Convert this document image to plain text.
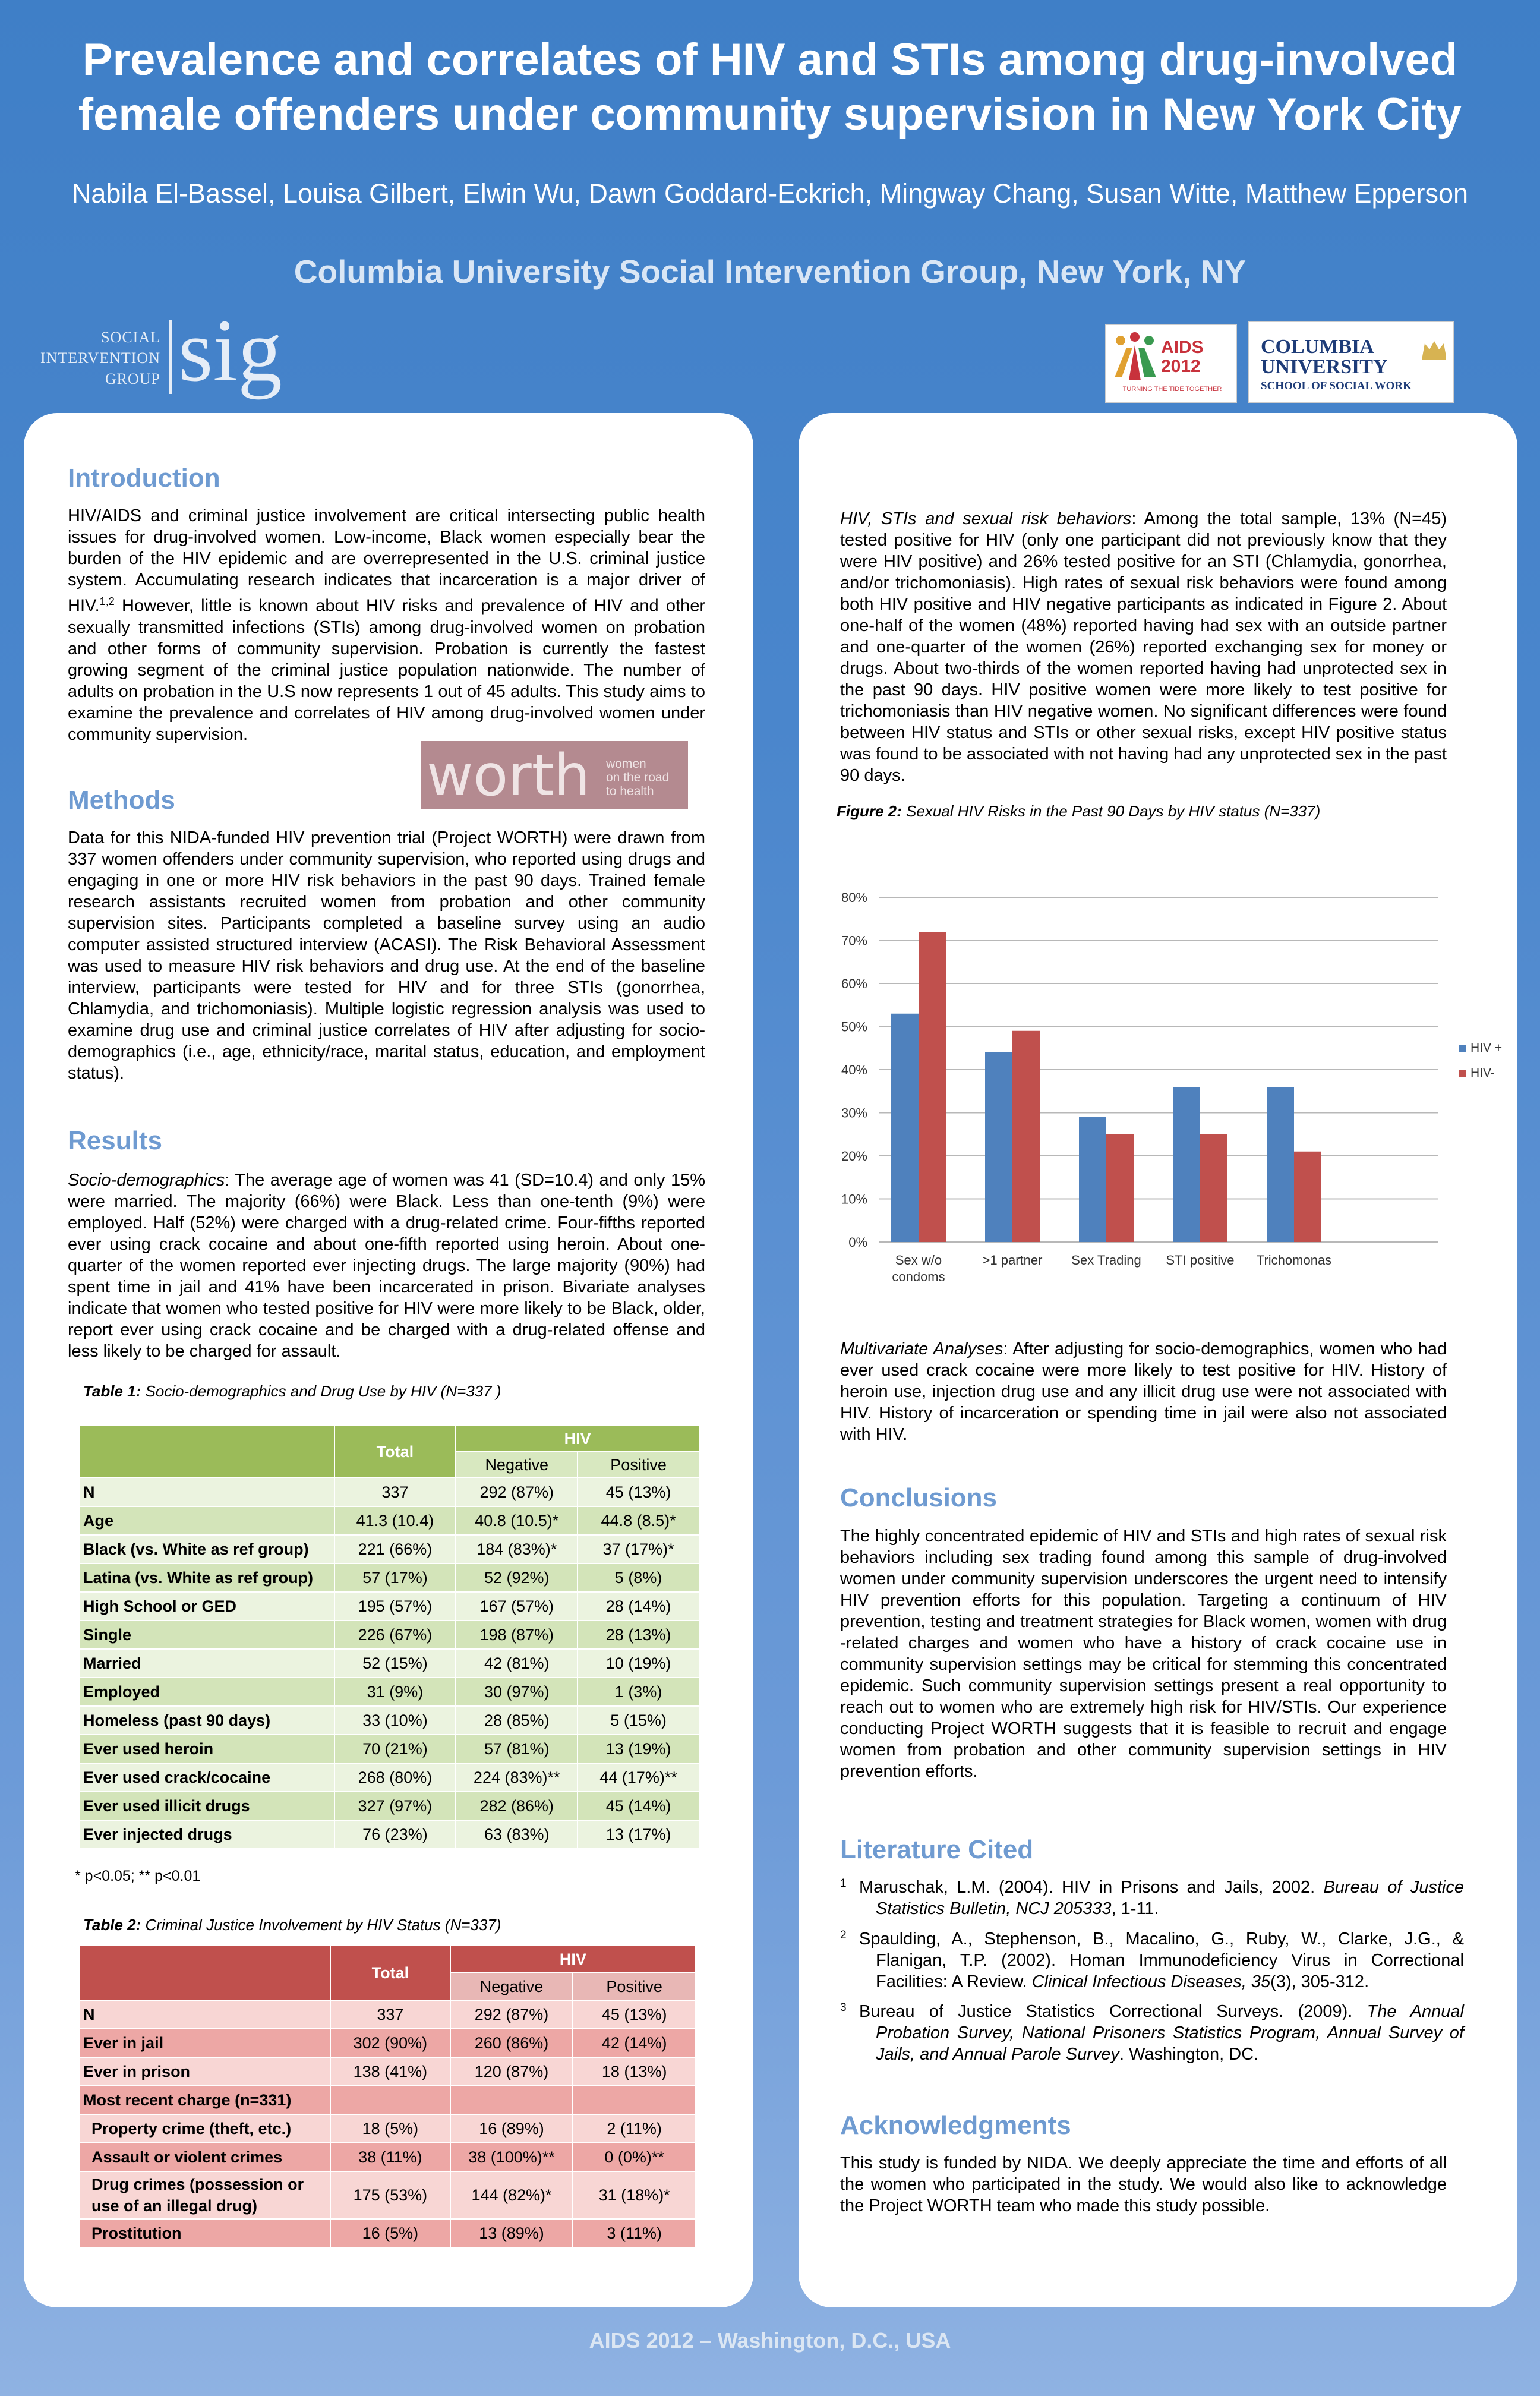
Prevalence and correlates of HIV and STIs among drug-involved
female offenders under community supervision in New York City
Nabila El-Bassel, Louisa Gilbert, Elwin Wu, Dawn Goddard-Eckrich, Mingway Chang, Susan Witte, Matthew Epperson
Columbia University Social Intervention Group, New York, NY
SOCIAL
INTERVENTION
GROUP sig	AIDS
2012
TURNING THE TIDE TOGETHER
COLUMBIA
UNIVERSITY
SCHOOL OF SOCIAL WORK
Introduction
HIV/AIDS and criminal justice involvement are critical intersecting public health issues for drug-involved women. Low-income, Black women especially bear the burden of the HIV epidemic and are overrepresented in the U.S. criminal justice system. Accumulating research indicates that incarceration is a major driver of HIV.$^{1,2}$ However, little is known about HIV risks and prevalence of HIV and other sexually transmitted infections (STIs) among drug-involved women on probation and other forms of community supervision. Probation is currently the fastest growing segment of the criminal justice population nationwide. The number of adults on probation in the U.S now represents 1 out of 45 adults. This study aims to examine the prevalence and correlates of HIV among drug-involved women under community supervision.
worth women
on the road
to health
Methods
Data for this NIDA-funded HIV prevention trial (Project WORTH) were drawn from 337 women offenders under community supervision, who reported using drugs and engaging in one or more HIV risk behaviors in the past 90 days. Trained female research assistants recruited women from probation and other community supervision sites. Participants completed a baseline survey using an audio computer assisted structured interview (ACASI). The Risk Behavioral Assessment was used to measure HIV risk behaviors and drug use. At the end of the baseline interview, participants were tested for HIV and for three STIs (gonorrhea, Chlamydia, and trichomoniasis). Multiple logistic regression analysis was used to examine drug use and criminal justice correlates of HIV after adjusting for socio-demographics (i.e., age, ethnicity/race, marital status, education, and employment status).
Results
Socio-demographics: The average age of women was 41 (SD=10.4) and only 15% were married. The majority (66%) were Black. Less than one-tenth (9%) were employed. Half (52%) were charged with a drug-related crime. Four-fifths reported ever using crack cocaine and about one-fifth reported using heroin. About one-quarter of the women reported ever injecting drugs. The large majority (90%) had spent time in jail and 41% have been incarcerated in prison. Bivariate analyses indicate that women who tested positive for HIV were more likely to be Black, older, report ever using crack cocaine and be charged with a drug-related offense and less likely to be charged for assault.
Table 1: Socio-demographics and Drug Use by HIV (N=337 )
	Total	HIV	
		Negative	Positive
N	337	292 (87%)	45 (13%)
Age	41.3 (10.4)	40.8 (10.5)*	44.8 (8.5)*
Black (vs. White as ref group)	221 (66%)	184 (83%)*	37 (17%)*
Latina (vs. White as ref group)	57 (17%)	52 (92%)	5 (8%)
High School or GED	195 (57%)	167 (57%)	28 (14%)
Single	226 (67%)	198 (87%)	28 (13%)
Married	52 (15%)	42 (81%)	10 (19%)
Employed	31 (9%)	30 (97%)	1 (3%)
Homeless (past 90 days)	33 (10%)	28 (85%)	5 (15%)
Ever used heroin	70 (21%)	57 (81%)	13 (19%)
Ever used crack/cocaine	268 (80%)	224 (83%)**	44 (17%)**
Ever used illicit drugs	327 (97%)	282 (86%)	45 (14%)
Ever injected drugs	76 (23%)	63 (83%)	13 (17%)
* p<0.05; ** p<0.01
Table 2: Criminal Justice Involvement by HIV Status (N=337)
	Total	HIV	
		Negative	Positive
N	337	292 (87%)	45 (13%)
Ever in jail	302 (90%)	260 (86%)	42 (14%)
Ever in prison	138 (41%)	120 (87%)	18 (13%)
Most recent charge (n=331)			
Property crime (theft, etc.)	18 (5%)	16 (89%)	2 (11%)
Assault or violent crimes	38 (11%)	38 (100%)**	0 (0%)**
Drug crimes (possession or use of an illegal drug)	175 (53%)	144 (82%)*	31 (18%)*
Prostitution	16 (5%)	13 (89%)	3 (11%)
HIV, STIs and sexual risk behaviors: Among the total sample, 13% (N=45) tested positive for HIV (only one participant did not previously know that they were HIV positive) and 26% tested positive for an STI (Chlamydia, gonorrhea, and/or trichomoniasis). High rates of sexual risk behaviors were found among both HIV positive and HIV negative participants as indicated in Figure 2. About one-half of the women (48%) reported having had sex with an outside partner and one-quarter of the women (26%) reported exchanging sex for money or drugs. About two-thirds of the women reported having had unprotected sex in the past 90 days. HIV positive women were more likely to test positive for trichomoniasis than HIV negative women. No significant differences were found between HIV status and STIs or other sexual risks, except HIV positive status was found to be associated with not having had any unprotected sex in the past 90 days.
Figure 2: Sexual HIV Risks in the Past 90 Days by HIV status (N=337)
0%
10%
20%
30%
40%
50%
60%
70%
80%
Sex w/o
condoms
>1 partner Sex Trading STI positive Trichomonas
HIV +
HIV-
Multivariate Analyses: After adjusting for socio-demographics, women who had ever used crack cocaine were more likely to test positive for HIV. History of heroin use, injection drug use and any illicit drug use were not associated with HIV. History of incarceration or spending time in jail were also not associated with HIV.
Conclusions
The highly concentrated epidemic of HIV and STIs and high rates of sexual risk behaviors including sex trading found among this sample of drug-involved women under community supervision underscores the urgent need to intensify HIV prevention efforts for this population. Targeting a continuum of HIV prevention, testing and treatment strategies for Black women, women with drug -related charges and women who have a history of crack cocaine use in community supervision settings may be critical for stemming this concentrated epidemic. Such community supervision settings present a real opportunity to reach out to women who are extremely high risk for HIV/STIs. Our experience conducting Project WORTH suggests that it is feasible to recruit and engage women from probation and other community supervision settings in HIV prevention efforts.
Literature Cited
1 Maruschak, L.M. (2004). HIV in Prisons and Jails, 2002. Bureau of Justice Statistics Bulletin, NCJ 205333, 1-11.
2 Spaulding, A., Stephenson, B., Macalino, G., Ruby, W., Clarke, J.G., & Flanigan, T.P. (2002). Homan Immunodeficiency Virus in Correctional Facilities: A Review. Clinical Infectious Diseases, 35(3), 305-312.
3 Bureau of Justice Statistics Correctional Surveys. (2009). The Annual Probation Survey, National Prisoners Statistics Program, Annual Survey of Jails, and Annual Parole Survey. Washington, DC.
Acknowledgments
This study is funded by NIDA. We deeply appreciate the time and efforts of all the women who participated in the study. We would also like to acknowledge the Project WORTH team who made this study possible.
AIDS 2012 – Washington, D.C., USA
